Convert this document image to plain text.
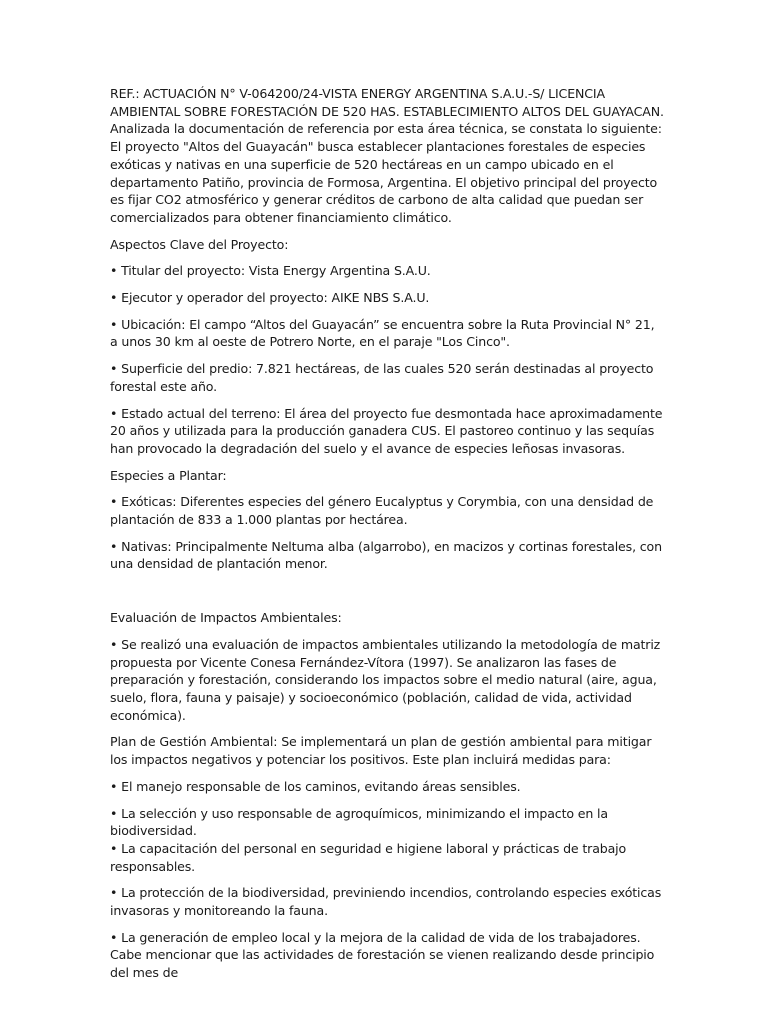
REF.: ACTUACIÓN N° V-064200/24-VISTA ENERGY ARGENTINA S.A.U.-S/ LICENCIA AMBIENTAL SOBRE FORESTACIÓN DE 520 HAS. ESTABLECIMIENTO ALTOS DEL GUAYACAN. Analizada la documentación de referencia por esta área técnica, se constata lo siguiente: El proyecto "Altos del Guayacán" busca establecer plantaciones forestales de especies exóticas y nativas en una superficie de 520 hectáreas en un campo ubicado en el departamento Patiño, provincia de Formosa, Argentina. El objetivo principal del proyecto es fijar CO2 atmosférico y generar créditos de carbono de alta calidad que puedan ser comercializados para obtener financiamiento climático.

Aspectos Clave del Proyecto:

• Titular del proyecto: Vista Energy Argentina S.A.U.

• Ejecutor y operador del proyecto: AIKE NBS S.A.U.

• Ubicación: El campo “Altos del Guayacán” se encuentra sobre la Ruta Provincial N° 21, a unos 30 km al oeste de Potrero Norte, en el paraje "Los Cinco".

• Superficie del predio: 7.821 hectáreas, de las cuales 520 serán destinadas al proyecto forestal este año.

• Estado actual del terreno: El área del proyecto fue desmontada hace aproximadamente 20 años y utilizada para la producción ganadera CUS. El pastoreo continuo y las sequías han provocado la degradación del suelo y el avance de especies leñosas invasoras.

Especies a Plantar:

• Exóticas: Diferentes especies del género Eucalyptus y Corymbia, con una densidad de plantación de 833 a 1.000 plantas por hectárea.

• Nativas: Principalmente Neltuma alba (algarrobo), en macizos y cortinas forestales, con una densidad de plantación menor.

Evaluación de Impactos Ambientales:

• Se realizó una evaluación de impactos ambientales utilizando la metodología de matriz propuesta por Vicente Conesa Fernández-Vítora (1997). Se analizaron las fases de preparación y forestación, considerando los impactos sobre el medio natural (aire, agua, suelo, flora, fauna y paisaje) y socioeconómico (población, calidad de vida, actividad económica).

Plan de Gestión Ambiental: Se implementará un plan de gestión ambiental para mitigar los impactos negativos y potenciar los positivos. Este plan incluirá medidas para:

• El manejo responsable de los caminos, evitando áreas sensibles.

• La selección y uso responsable de agroquímicos, minimizando el impacto en la biodiversidad.
• La capacitación del personal en seguridad e higiene laboral y prácticas de trabajo responsables.

• La protección de la biodiversidad, previniendo incendios, controlando especies exóticas invasoras y monitoreando la fauna.

• La generación de empleo local y la mejora de la calidad de vida de los trabajadores. Cabe mencionar que las actividades de forestación se vienen realizando desde principio del mes de
